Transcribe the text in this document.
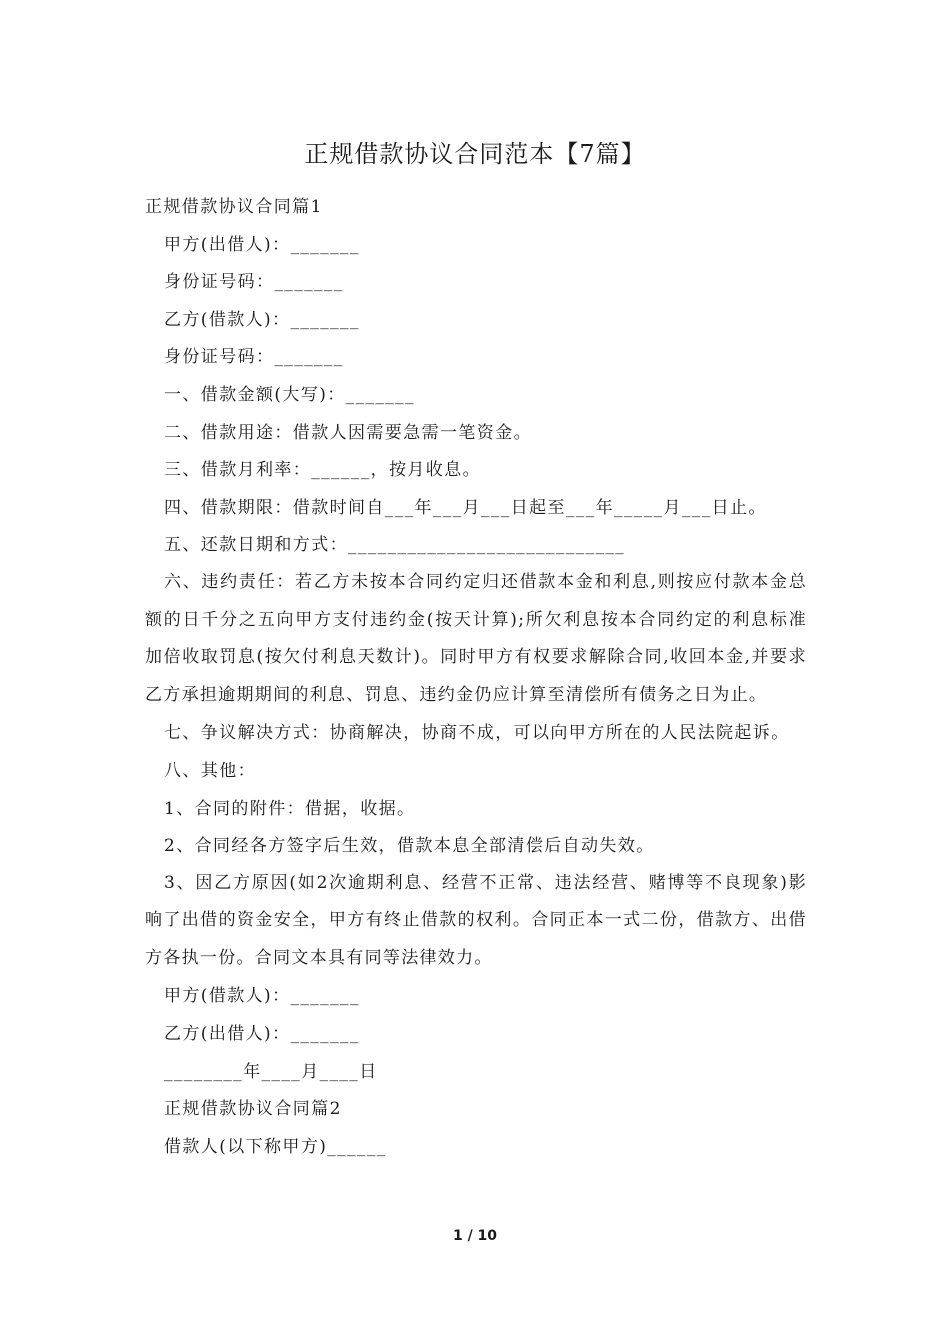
正规借款协议合同范本【7篇】
正规借款协议合同篇1
甲方(出借人)：_______
身份证号码：_______
乙方(借款人)：_______
身份证号码：_______
一、借款金额(大写)：_______
二、借款用途：借款人因需要急需一笔资金。
三、借款月利率：______，按月收息。
四、借款期限：借款时间自___年___月___日起至___年_____月___日止。
五、还款日期和方式：____________________________
六、违约责任：若乙方未按本合同约定归还借款本金和利息,则按应付款本金总额的日千分之五向甲方支付违约金(按天计算);所欠利息按本合同约定的利息标准加倍收取罚息(按欠付利息天数计)。同时甲方有权要求解除合同,收回本金,并要求乙方承担逾期期间的利息、罚息、违约金仍应计算至清偿所有债务之日为止。
七、争议解决方式：协商解决，协商不成，可以向甲方所在的人民法院起诉。
八、其他：
1、合同的附件：借据，收据。
2、合同经各方签字后生效，借款本息全部清偿后自动失效。
3、因乙方原因(如2次逾期利息、经营不正常、违法经营、赌博等不良现象)影响了出借的资金安全，甲方有终止借款的权利。合同正本一式二份，借款方、出借方各执一份。合同文本具有同等法律效力。
甲方(借款人)：_______
乙方(出借人)：_______
________年____月____日
正规借款协议合同篇2
借款人(以下称甲方)______
1 / 10
